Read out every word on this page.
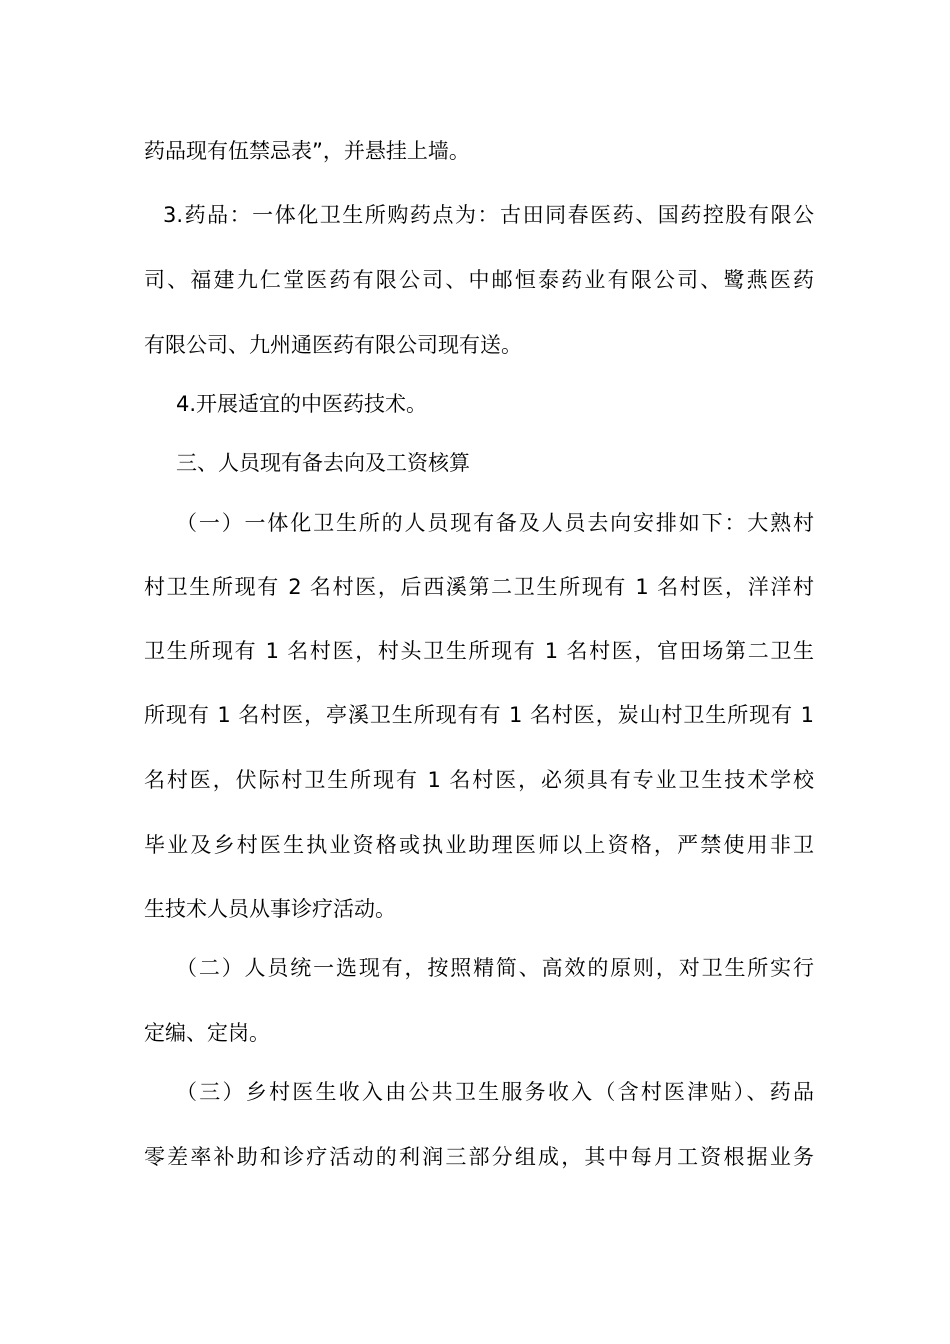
药品现有伍禁忌表”，并悬挂上墙。
3.药品：一体化卫生所购药点为：古田同春医药、国药控股有限公
司、福建九仁堂医药有限公司、中邮恒泰药业有限公司、鹭燕医药
有限公司、九州通医药有限公司现有送。
4.开展适宜的中医药技术。
三、人员现有备去向及工资核算
（一）一体化卫生所的人员现有备及人员去向安排如下：大熟村
村卫生所现有 2 名村医，后西溪第二卫生所现有 1 名村医，洋洋村
卫生所现有 1 名村医，村头卫生所现有 1 名村医，官田场第二卫生
所现有 1 名村医，亭溪卫生所现有有 1 名村医，炭山村卫生所现有 1
名村医，伏际村卫生所现有 1 名村医，必须具有专业卫生技术学校
毕业及乡村医生执业资格或执业助理医师以上资格，严禁使用非卫
生技术人员从事诊疗活动。
（二）人员统一选现有，按照精简、高效的原则，对卫生所实行
定编、定岗。
（三）乡村医生收入由公共卫生服务收入（含村医津贴）、药品
零差率补助和诊疗活动的利润三部分组成，其中每月工资根据业务
